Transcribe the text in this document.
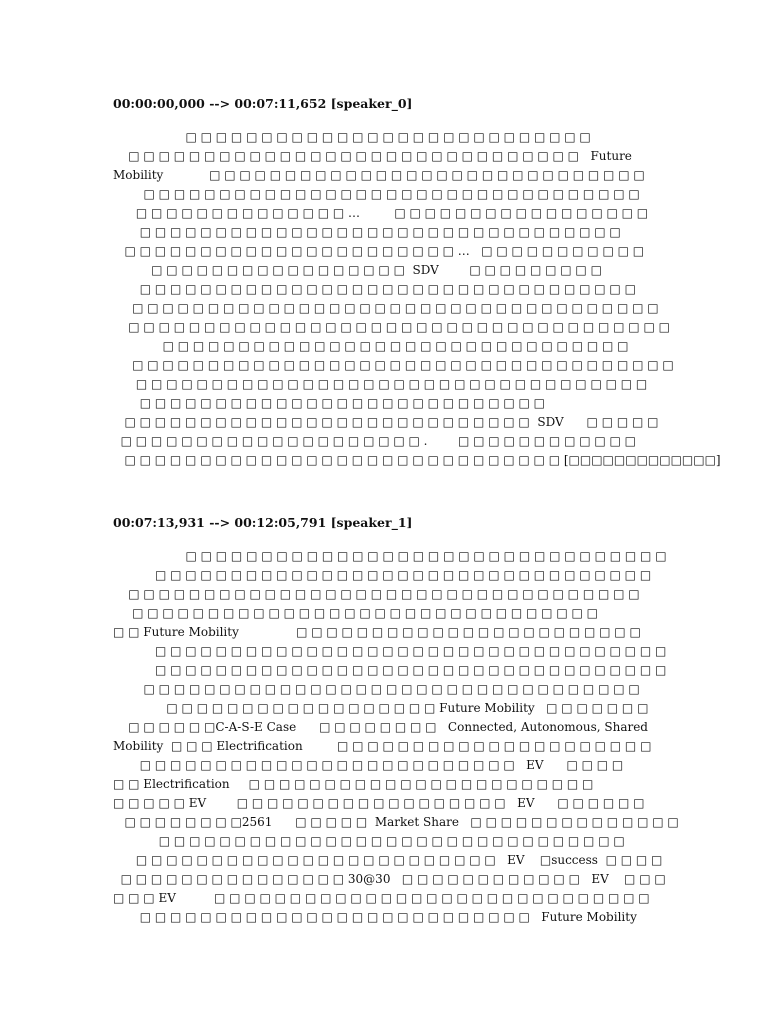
00:00:00,000 --> 00:07:11,652 [speaker_0]
□ □ □ □ □ □ □ □ □ □ □ □ □ □ □ □ □ □ □ □ □ □ □ □ □ □ □
□ □ □ □ □ □ □ □ □ □ □ □ □ □ □ □ □ □ □ □ □ □ □ □ □ □ □ □ □ □   Future
Mobility            □ □ □ □ □ □ □ □ □ □ □ □ □ □ □ □ □ □ □ □ □ □ □ □ □ □ □ □ □
□ □ □ □ □ □ □ □ □ □ □ □ □ □ □ □ □ □ □ □ □ □ □ □ □ □ □ □ □ □ □ □ □
□ □ □ □ □ □ □ □ □ □ □ □ □ □ …         □ □ □ □ □ □ □ □ □ □ □ □ □ □ □ □ □
□ □ □ □ □ □ □ □ □ □ □ □ □ □ □ □ □ □ □ □ □ □ □ □ □ □ □ □ □ □ □ □
□ □ □ □ □ □ □ □ □ □ □ □ □ □ □ □ □ □ □ □ □ □ …   □ □ □ □ □ □ □ □ □ □ □
□ □ □ □ □ □ □ □ □ □ □ □ □ □ □ □ □  SDV        □ □ □ □ □ □ □ □ □
□ □ □ □ □ □ □ □ □ □ □ □ □ □ □ □ □ □ □ □ □ □ □ □ □ □ □ □ □ □ □ □ □
□ □ □ □ □ □ □ □ □ □ □ □ □ □ □ □ □ □ □ □ □ □ □ □ □ □ □ □ □ □ □ □ □ □ □
□ □ □ □ □ □ □ □ □ □ □ □ □ □ □ □ □ □ □ □ □ □ □ □ □ □ □ □ □ □ □ □ □ □ □ □
□ □ □ □ □ □ □ □ □ □ □ □ □ □ □ □ □ □ □ □ □ □ □ □ □ □ □ □ □ □ □
□ □ □ □ □ □ □ □ □ □ □ □ □ □ □ □ □ □ □ □ □ □ □ □ □ □ □ □ □ □ □ □ □ □ □ □
□ □ □ □ □ □ □ □ □ □ □ □ □ □ □ □ □ □ □ □ □ □ □ □ □ □ □ □ □ □ □ □ □ □
□ □ □ □ □ □ □ □ □ □ □ □ □ □ □ □ □ □ □ □ □ □ □ □ □ □ □
□ □ □ □ □ □ □ □ □ □ □ □ □ □ □ □ □ □ □ □ □ □ □ □ □ □ □  SDV      □ □ □ □ □
□ □ □ □ □ □ □ □ □ □ □ □ □ □ □ □ □ □ □ □ .        □ □ □ □ □ □ □ □ □ □ □ □
□ □ □ □ □ □ □ □ □ □ □ □ □ □ □ □ □ □ □ □ □ □ □ □ □ □ □ □ □ [□□□□□□□□□□□□□]
00:07:13,931 --> 00:12:05,791 [speaker_1]
□ □ □ □ □ □ □ □ □ □ □ □ □ □ □ □ □ □ □ □ □ □ □ □ □ □ □ □ □ □ □ □
□ □ □ □ □ □ □ □ □ □ □ □ □ □ □ □ □ □ □ □ □ □ □ □ □ □ □ □ □ □ □ □ □
□ □ □ □ □ □ □ □ □ □ □ □ □ □ □ □ □ □ □ □ □ □ □ □ □ □ □ □ □ □ □ □ □ □
□ □ □ □ □ □ □ □ □ □ □ □ □ □ □ □ □ □ □ □ □ □ □ □ □ □ □ □ □ □ □
□ □ Future Mobility               □ □ □ □ □ □ □ □ □ □ □ □ □ □ □ □ □ □ □ □ □ □ □
□ □ □ □ □ □ □ □ □ □ □ □ □ □ □ □ □ □ □ □ □ □ □ □ □ □ □ □ □ □ □ □ □ □
□ □ □ □ □ □ □ □ □ □ □ □ □ □ □ □ □ □ □ □ □ □ □ □ □ □ □ □ □ □ □ □ □ □
□ □ □ □ □ □ □ □ □ □ □ □ □ □ □ □ □ □ □ □ □ □ □ □ □ □ □ □ □ □ □ □ □
□ □ □ □ □ □ □ □ □ □ □ □ □ □ □ □ □ □ Future Mobility   □ □ □ □ □ □ □
□ □ □ □ □ □C-A-S-E Case      □ □ □ □ □ □ □ □   Connected, Autonomous, Shared
Mobility  □ □ □ Electrification         □ □ □ □ □ □ □ □ □ □ □ □ □ □ □ □ □ □ □ □ □
□ □ □ □ □ □ □ □ □ □ □ □ □ □ □ □ □ □ □ □ □ □ □ □ □   EV      □ □ □ □
□ □ Electrification     □ □ □ □ □ □ □ □ □ □ □ □ □ □ □ □ □ □ □ □ □ □ □
□ □ □ □ □ EV        □ □ □ □ □ □ □ □ □ □ □ □ □ □ □ □ □ □   EV      □ □ □ □ □ □
□ □ □ □ □ □ □ □2561      □ □ □ □ □  Market Share   □ □ □ □ □ □ □ □ □ □ □ □ □ □
□ □ □ □ □ □ □ □ □ □ □ □ □ □ □ □ □ □ □ □ □ □ □ □ □ □ □ □ □ □ □
□ □ □ □ □ □ □ □ □ □ □ □ □ □ □ □ □ □ □ □ □ □ □ □   EV    □success  □ □ □ □
□ □ □ □ □ □ □ □ □ □ □ □ □ □ □ 30@30   □ □ □ □ □ □ □ □ □ □ □ □   EV    □ □ □
□ □ □ EV          □ □ □ □ □ □ □ □ □ □ □ □ □ □ □ □ □ □ □ □ □ □ □ □ □ □ □ □ □
□ □ □ □ □ □ □ □ □ □ □ □ □ □ □ □ □ □ □ □ □ □ □ □ □ □   Future Mobility
